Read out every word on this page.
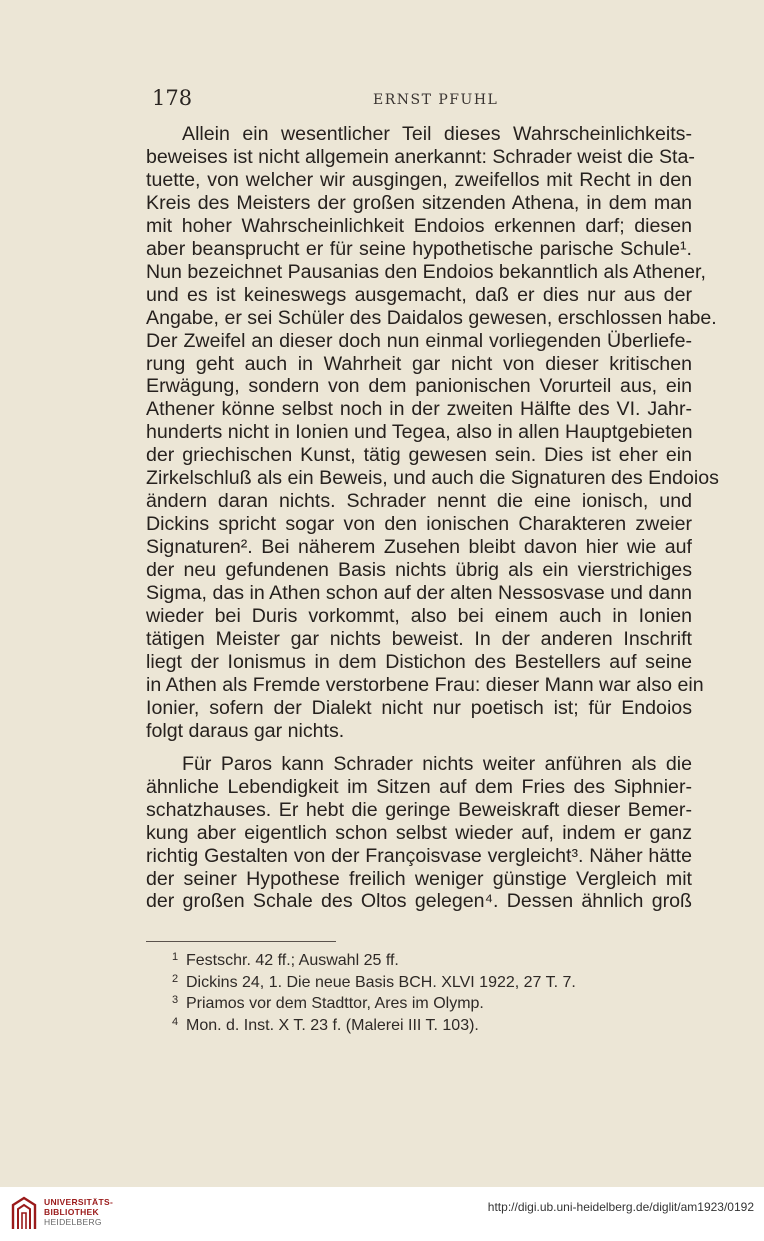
178	ERNST PFUHL
Allein ein wesentlicher Teil dieses Wahrscheinlichkeits-
beweises ist nicht allgemein anerkannt: Schrader weist die Sta-
tuette, von welcher wir ausgingen, zweifellos mit Recht in den
Kreis des Meisters der großen sitzenden Athena, in dem man
mit hoher Wahrscheinlichkeit Endoios erkennen darf; diesen
aber beansprucht er für seine hypothetische parische Schule¹.
Nun bezeichnet Pausanias den Endoios bekanntlich als Athener,
und es ist keineswegs ausgemacht, daß er dies nur aus der
Angabe, er sei Schüler des Daidalos gewesen, erschlossen habe.
Der Zweifel an dieser doch nun einmal vorliegenden Überliefe-
rung geht auch in Wahrheit gar nicht von dieser kritischen
Erwägung, sondern von dem panionischen Vorurteil aus, ein
Athener könne selbst noch in der zweiten Hälfte des VI. Jahr-
hunderts nicht in Ionien und Tegea, also in allen Hauptgebieten
der griechischen Kunst, tätig gewesen sein. Dies ist eher ein
Zirkelschluß als ein Beweis, und auch die Signaturen des Endoios
ändern daran nichts. Schrader nennt die eine ionisch, und
Dickins spricht sogar von den ionischen Charakteren zweier
Signaturen². Bei näherem Zusehen bleibt davon hier wie auf
der neu gefundenen Basis nichts übrig als ein vierstrichiges
Sigma, das in Athen schon auf der alten Nessosvase und dann
wieder bei Duris vorkommt, also bei einem auch in Ionien
tätigen Meister gar nichts beweist. In der anderen Inschrift
liegt der Ionismus in dem Distichon des Bestellers auf seine
in Athen als Fremde verstorbene Frau: dieser Mann war also ein
Ionier, sofern der Dialekt nicht nur poetisch ist; für Endoios
folgt daraus gar nichts.
Für Paros kann Schrader nichts weiter anführen als die
ähnliche Lebendigkeit im Sitzen auf dem Fries des Siphnier-
schatzhauses. Er hebt die geringe Beweiskraft dieser Bemer-
kung aber eigentlich schon selbst wieder auf, indem er ganz
richtig Gestalten von der Françoisvase vergleicht³. Näher hätte
der seiner Hypothese freilich weniger günstige Vergleich mit
der großen Schale des Oltos gelegen⁴. Dessen ähnlich groß
1 Festschr. 42 ff.; Auswahl 25 ff.
2 Dickins 24, 1. Die neue Basis BCH. XLVI 1922, 27 T. 7.
3 Priamos vor dem Stadttor, Ares im Olymp.
4 Mon. d. Inst. X T. 23 f. (Malerei III T. 103).
UNIVERSITÄTS-
BIBLIOTHEK
HEIDELBERG
http://digi.ub.uni-heidelberg.de/diglit/am1923/0192
